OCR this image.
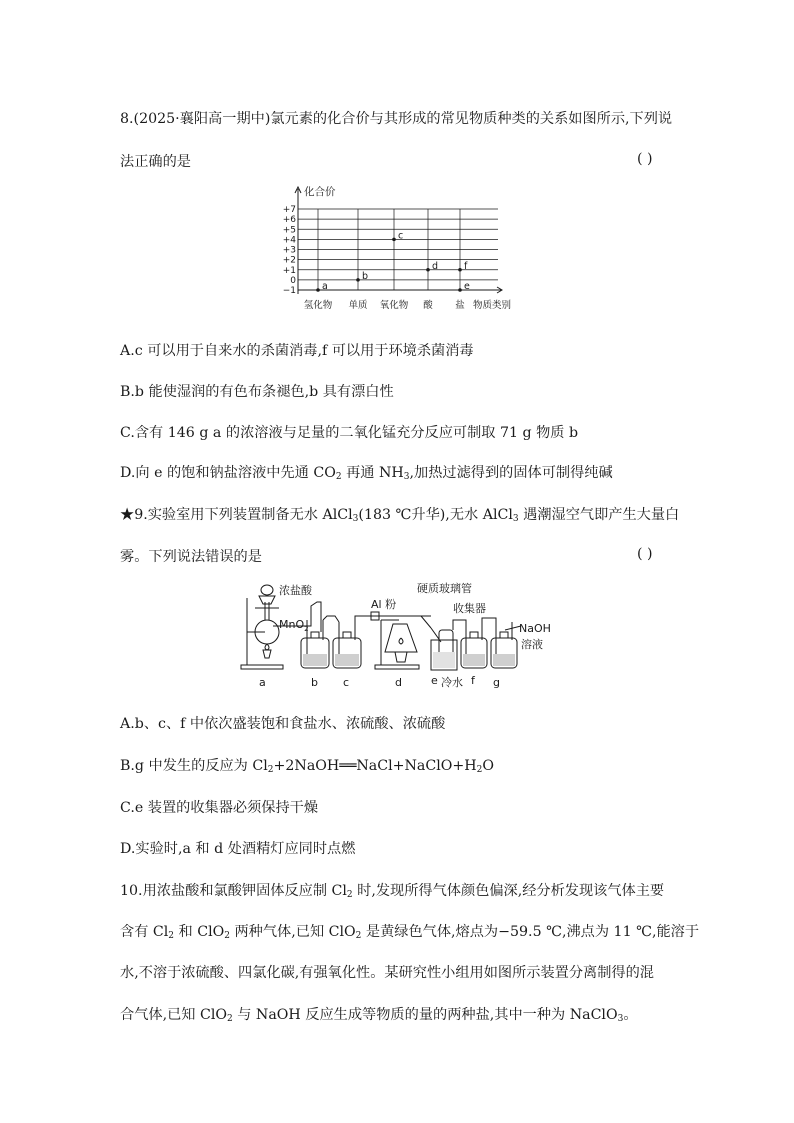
8.(2025·襄阳高一期中)氯元素的化合价与其形成的常见物质种类的关系如图所示,下列说
法正确的是	( )
+7
+6
+5
+4
+3
+2
+1
0
−1
氢化物 单质 氧化物 酸 盐 物质类别
化合价
a
b
c
d	f
e
A.c 可以用于自来水的杀菌消毒,f 可以用于环境杀菌消毒
B.b 能使湿润的有色布条褪色,b 具有漂白性
C.含有 146 g a 的浓溶液与足量的二氧化锰充分反应可制取 71 g 物质 b
D.向 e 的饱和钠盐溶液中先通 $CO_2$ 再通 $NH_3$,加热过滤得到的固体可制得纯碱
★9.实验室用下列装置制备无水 AlCl$_3$(183 ℃升华),无水 AlCl$_3$ 遇潮湿空气即产生大量白
雾。下列说法错误的是	( )
浓盐酸
MnO$_2$
Al 粉
硬质玻璃管
收集器
NaOH
溶液
冷水
a	b c	d	e	f g
A.b、c、f 中依次盛装饱和食盐水、浓硫酸、浓硫酸
B.g 中发生的反应为 $Cl_2+2NaOH══NaCl+NaClO+H_2O$
C.e 装置的收集器必须保持干燥
D.实验时,a 和 d 处酒精灯应同时点燃
10.用浓盐酸和氯酸钾固体反应制 $Cl_2$ 时,发现所得气体颜色偏深,经分析发现该气体主要
含有 $Cl_2$ 和 ClO$_2$ 两种气体,已知 ClO$_2$ 是黄绿色气体,熔点为−59.5 ℃,沸点为 11 ℃,能溶于
水,不溶于浓硫酸、四氯化碳,有强氧化性。某研究性小组用如图所示装置分离制得的混
合气体,已知 ClO$_2$ 与 NaOH 反应生成等物质的量的两种盐,其中一种为 NaClO$_3$。
